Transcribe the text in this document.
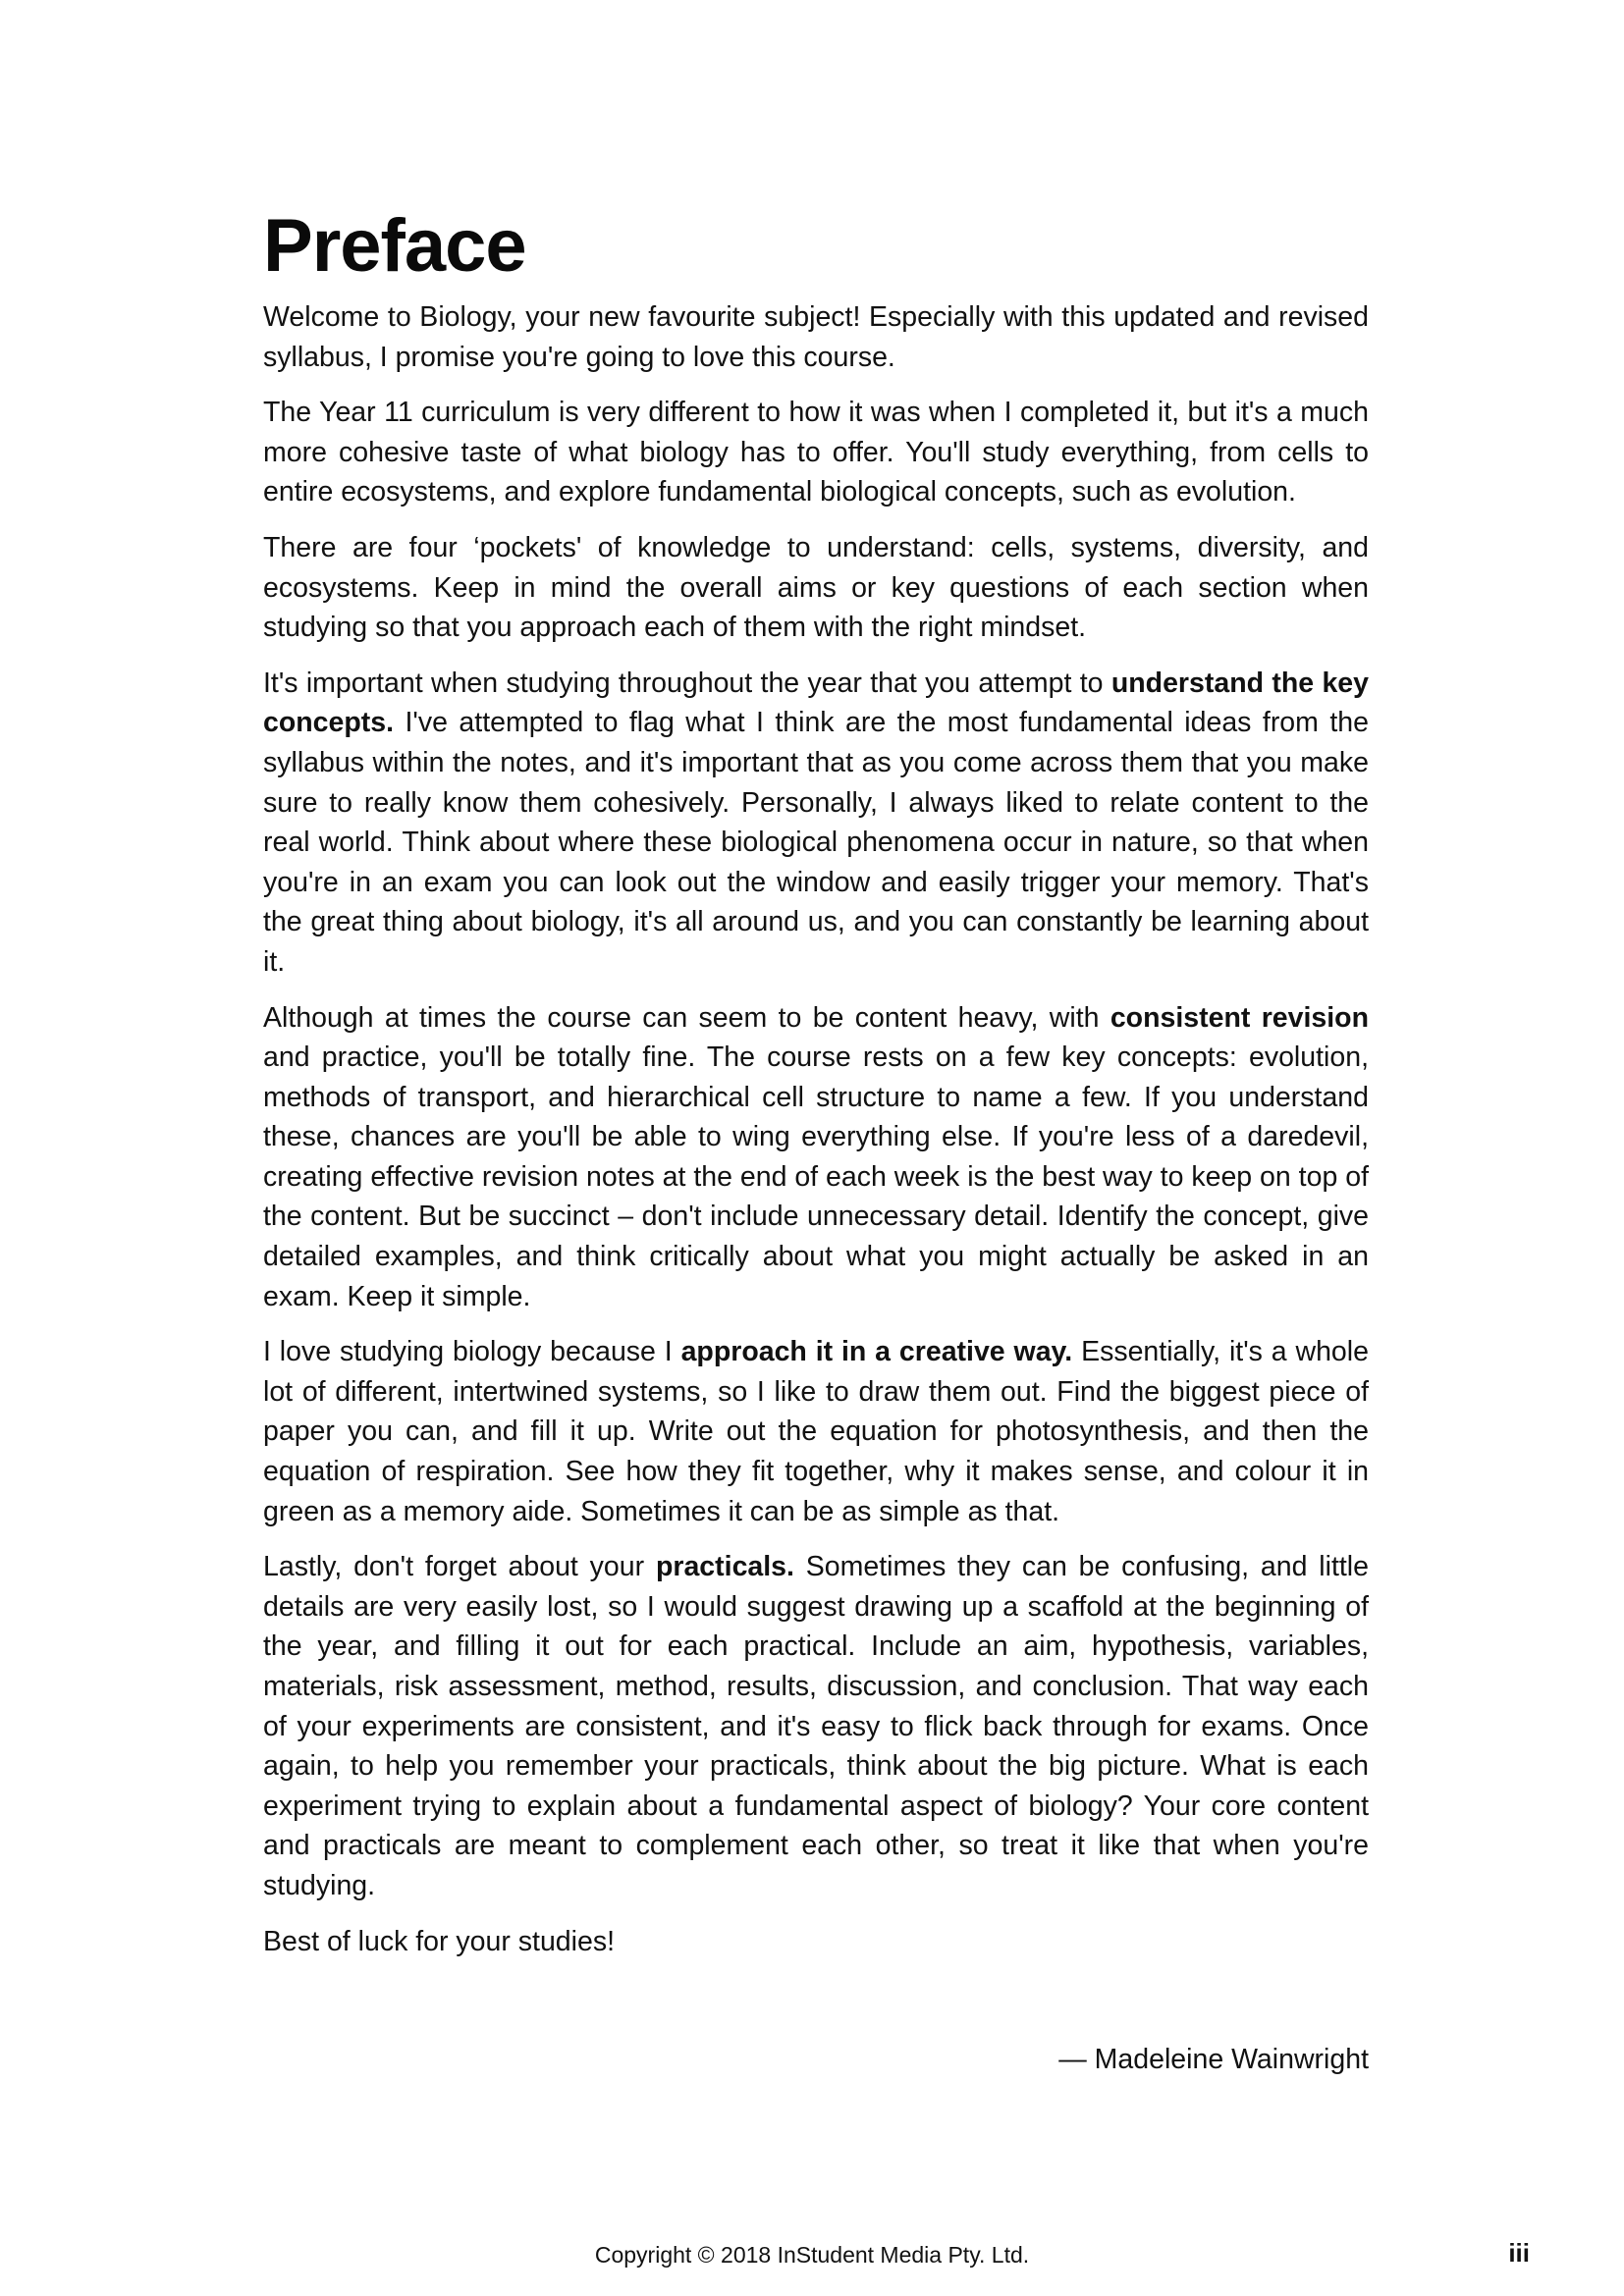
Preface

Welcome to Biology, your new favourite subject! Especially with this updated and revised syllabus, I promise you're going to love this course.

The Year 11 curriculum is very different to how it was when I completed it, but it's a much more cohesive taste of what biology has to offer. You'll study everything, from cells to entire ecosystems, and explore fundamental biological concepts, such as evolution.

There are four ‘pockets' of knowledge to understand: cells, systems, diversity, and ecosystems. Keep in mind the overall aims or key questions of each section when studying so that you approach each of them with the right mindset.

It's important when studying throughout the year that you attempt to understand the key concepts. I've attempted to flag what I think are the most fundamental ideas from the syllabus within the notes, and it's important that as you come across them that you make sure to really know them cohesively. Personally, I always liked to relate content to the real world. Think about where these biological phenomena occur in nature, so that when you're in an exam you can look out the window and easily trigger your memory. That's the great thing about biology, it's all around us, and you can constantly be learning about it.

Although at times the course can seem to be content heavy, with consistent revision and practice, you'll be totally fine. The course rests on a few key concepts: evolution, methods of transport, and hierarchical cell structure to name a few. If you understand these, chances are you'll be able to wing everything else. If you're less of a daredevil, creating effective revision notes at the end of each week is the best way to keep on top of the content. But be succinct – don't include unnecessary detail. Identify the concept, give detailed examples, and think critically about what you might actually be asked in an exam. Keep it simple.

I love studying biology because I approach it in a creative way. Essentially, it's a whole lot of different, intertwined systems, so I like to draw them out. Find the biggest piece of paper you can, and fill it up. Write out the equation for photosynthesis, and then the equation of respiration. See how they fit together, why it makes sense, and colour it in green as a memory aide. Sometimes it can be as simple as that.

Lastly, don't forget about your practicals. Sometimes they can be confusing, and little details are very easily lost, so I would suggest drawing up a scaffold at the beginning of the year, and filling it out for each practical. Include an aim, hypothesis, variables, materials, risk assessment, method, results, discussion, and conclusion. That way each of your experiments are consistent, and it's easy to flick back through for exams. Once again, to help you remember your practicals, think about the big picture. What is each experiment trying to explain about a fundamental aspect of biology? Your core content and practicals are meant to complement each other, so treat it like that when you're studying.

Best of luck for your studies!

— Madeleine Wainwright

Copyright © 2018 InStudent Media Pty. Ltd.	iii
